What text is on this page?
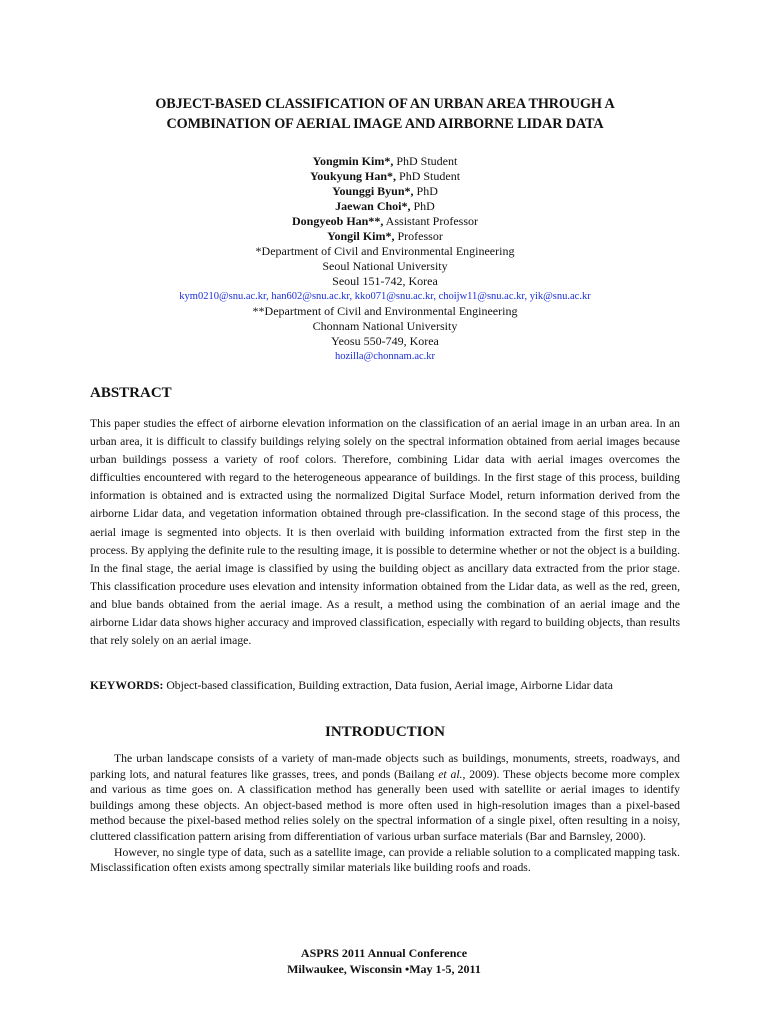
OBJECT-BASED CLASSIFICATION OF AN URBAN AREA THROUGH A
COMBINATION OF AERIAL IMAGE AND AIRBORNE LIDAR DATA
Yongmin Kim*, PhD Student
Youkyung Han*, PhD Student
Younggi Byun*, PhD
Jaewan Choi*, PhD
Dongyeob Han**, Assistant Professor
Yongil Kim*, Professor
*Department of Civil and Environmental Engineering
Seoul National University
Seoul 151-742, Korea
kym0210@snu.ac.kr, han602@snu.ac.kr, kko071@snu.ac.kr, choijw11@snu.ac.kr, yik@snu.ac.kr
**Department of Civil and Environmental Engineering
Chonnam National University
Yeosu 550-749, Korea
hozilla@chonnam.ac.kr
ABSTRACT
This paper studies the effect of airborne elevation information on the classification of an aerial image in an urban area. In an urban area, it is difficult to classify buildings relying solely on the spectral information obtained from aerial images because urban buildings possess a variety of roof colors. Therefore, combining Lidar data with aerial images overcomes the difficulties encountered with regard to the heterogeneous appearance of buildings. In the first stage of this process, building information is obtained and is extracted using the normalized Digital Surface Model, return information derived from the airborne Lidar data, and vegetation information obtained through pre-classification. In the second stage of this process, the aerial image is segmented into objects. It is then overlaid with building information extracted from the first step in the process. By applying the definite rule to the resulting image, it is possible to determine whether or not the object is a building. In the final stage, the aerial image is classified by using the building object as ancillary data extracted from the prior stage. This classification procedure uses elevation and intensity information obtained from the Lidar data, as well as the red, green, and blue bands obtained from the aerial image. As a result, a method using the combination of an aerial image and the airborne Lidar data shows higher accuracy and improved classification, especially with regard to building objects, than results that rely solely on an aerial image.
KEYWORDS: Object-based classification, Building extraction, Data fusion, Aerial image, Airborne Lidar data
INTRODUCTION

The urban landscape consists of a variety of man-made objects such as buildings, monuments, streets, roadways, and parking lots, and natural features like grasses, trees, and ponds (Bailang et al., 2009). These objects become more complex and various as time goes on. A classification method has generally been used with satellite or aerial images to identify buildings among these objects. An object-based method is more often used in high-resolution images than a pixel-based method because the pixel-based method relies solely on the spectral information of a single pixel, often resulting in a noisy, cluttered classification pattern arising from differentiation of various urban surface materials (Bar and Barnsley, 2000).

However, no single type of data, such as a satellite image, can provide a reliable solution to a complicated mapping task. Misclassification often exists among spectrally similar materials like building roofs and roads.

ASPRS 2011 Annual Conference
Milwaukee, Wisconsin •May 1-5, 2011
